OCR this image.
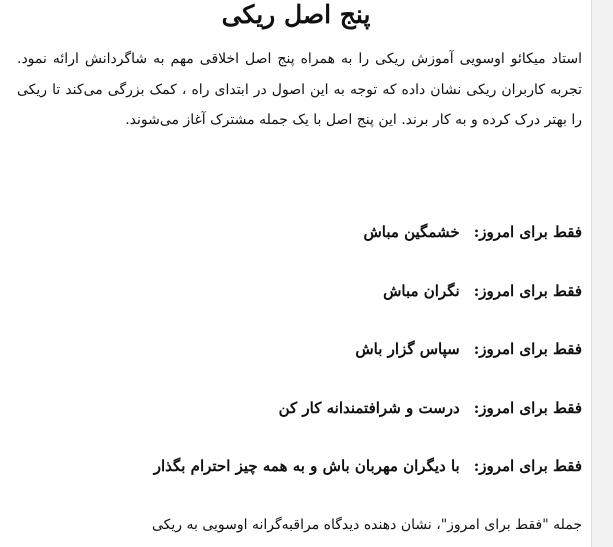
پنج اصل ریکی

استاد میکائو اوسویی آموزش ریکی را به همراه پنج اصل اخلاقی مهم به شاگردانش ارائه نمود. تجربه کاربران ریکی نشان داده که توجه به این اصول در ابتدای راه ، کمک بزرگی می‌کند تا ریکی را بهتر درک کرده و به کار برند. این پنج اصل با یک جمله مشترک آغاز می‌شوند.

فقط برای امروز:خشمگین مباش
فقط برای امروز:نگران مباش
فقط برای امروز:سپاس گزار باش
فقط برای امروز:درست و شرافتمندانه کار کن
فقط برای امروز:با دیگران مهربان باش و به همه چیز احترام بگذار

جمله "فقط برای امروز"، نشان دهنده دیدگاه مراقبه‌گرانه اوسویی به ریکی
